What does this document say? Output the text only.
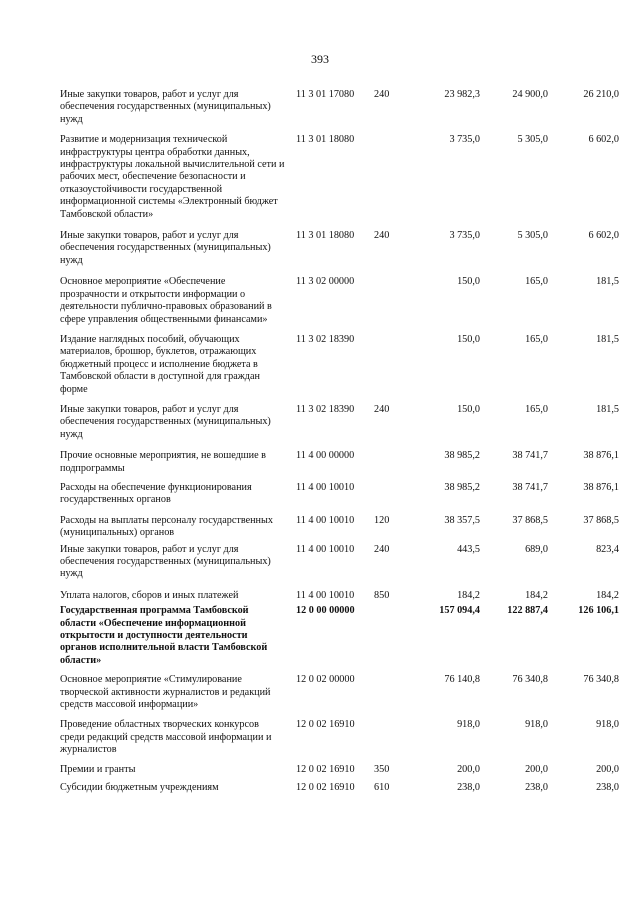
393
Иные закупки товаров, работ и услуг для обеспечения государственных (муниципальных) нужд
11 3 01 17080	240	23 982,3	24 900,0	26 210,0
Развитие и модернизация технической инфраструктуры центра обработки данных, инфраструктуры локальной вычислительной сети и рабочих мест, обеспечение безопасности и отказоустойчивости государственной информационной системы «Электронный бюджет Тамбовской области»
11 3 01 18080	3 735,0	5 305,0	6 602,0
Иные закупки товаров, работ и услуг для обеспечения государственных (муниципальных) нужд
11 3 01 18080	240	3 735,0	5 305,0	6 602,0
Основное мероприятие «Обеспечение прозрачности и открытости информации о деятельности публично-правовых образований в сфере управления общественными финансами»
11 3 02 00000	150,0	165,0	181,5
Издание наглядных пособий, обучающих материалов, брошюр, буклетов, отражающих бюджетный процесс и исполнение бюджета в Тамбовской области в доступной для граждан форме
11 3 02 18390	150,0	165,0	181,5
Иные закупки товаров, работ и услуг для обеспечения государственных (муниципальных) нужд
11 3 02 18390	240	150,0	165,0	181,5
Прочие основные мероприятия, не вошедшие в подпрограммы
11 4 00 00000	38 985,2	38 741,7	38 876,1
Расходы на обеспечение функционирования государственных органов
11 4 00 10010	38 985,2	38 741,7	38 876,1
Расходы на выплаты персоналу государственных (муниципальных) органов
11 4 00 10010	120	38 357,5	37 868,5	37 868,5
Иные закупки товаров, работ и услуг для обеспечения государственных (муниципальных) нужд
11 4 00 10010	240	443,5	689,0	823,4
Уплата налогов, сборов и иных платежей	11 4 00 10010	850	184,2	184,2	184,2
Государственная программа Тамбовской области «Обеспечение информационной открытости и доступности деятельности органов исполнительной власти Тамбовской области»
12 0 00 00000	157 094,4	122 887,4	126 106,1
Основное мероприятие «Стимулирование творческой активности журналистов и редакций средств массовой информации»
12 0 02 00000	76 140,8	76 340,8	76 340,8
Проведение областных творческих конкурсов среди редакций средств массовой информации и журналистов
12 0 02 16910	918,0	918,0	918,0
Премии и гранты	12 0 02 16910	350	200,0	200,0	200,0
Субсидии бюджетным учреждениям	12 0 02 16910	610	238,0	238,0	238,0
